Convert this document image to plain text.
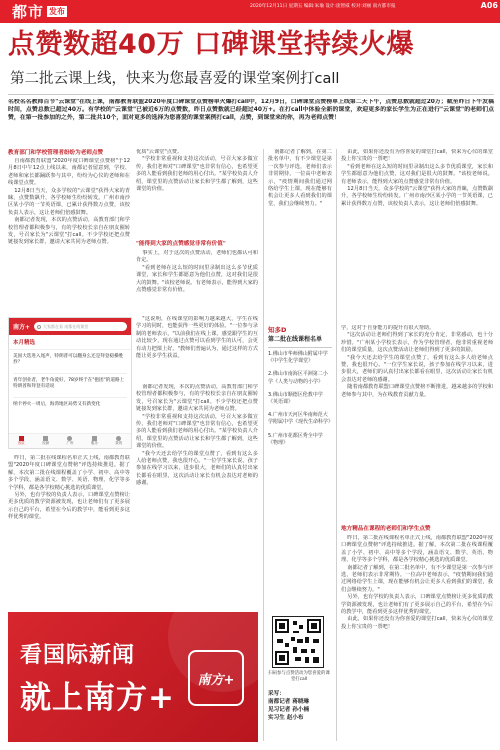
都市 发布
2020年12月11日 星期五 编辑:朱瑜 设计:庞智威 校对:刘丽 南方都市报	A06
点赞数超40万 口碑课堂持续火爆
第二批云课上线，快来为您最喜爱的课堂案例打call
名校名名教师百节"云课堂"在线上课，南都教育联盟2020年度口碑课堂点赞榜单火爆打call中，12月9日，口碑课堂点赞榜单上线第二天下午，点赞总数就超过20万；截至昨日下午发稿时间，点赞总数已超过40万。有学校的"云课堂"已被近6万的点赞数，昨日点赞数就已经超过40万+。在打call中体验全新的课堂，欢迎更多的家长学生为正在进行"云课堂"的老师们点赞，在第一批参加的之外，第二批共10个，面对更多的选择为您喜爱的课堂案例打call，点赞，到课堂来的你，再为老师点赞！
教育部门和学校管理者纷纷为老师点赞

自南都教育联盟"2020年度口碑课堂点赞榜"于12月8日中午12点上线以来，南都记者留意到，学校、老师和家长都踊跃参与其中，纷纷为心仪的老师和在线课堂点赞。

12月8日当天，众多学校的"云课堂"获得大家的青睐，点赞数飙升，各学校师生纷纷转发。广州市南沙区某小学的一节英语课，已累计获得数万点赞，该校负责人表示，这让老师们倍感鼓舞。

南都记者发现，本次的点赞活动，高教育部门和学校管理者都积极参与，有的学校校长亲自在朋友圈转发，号召家长为"云课堂"打call。不少学校还把点赞链接发到家长群，邀请大家共同为老师点赞。

优质"云课堂"点赞。

"学校非常重视和支持这次活动，号召大家多做宣传，我们老师对"口碑课堂"也非常有信心，也希望更多的人能看到我们老师的用心付出。"某学校负责人介绍，课堂里的点赞活动让家长和学生都了解到，这些课堂的价值。

"能得到大家的点赞感觉非常有价值"

事实上，对于这次的点赞活动，老师们也都认可和肯定。

"看到老师在这么短的时间里录制出这么多节优质课堂，家长和学生都愿意为他们点赞，这对我们是很大的鼓舞。"该校老师说。有老师表示，能得到大家的点赞感觉非常有价值。

南方+	大家都在看 南都在线课堂
本月精选
美国大选进入尾声，特朗普可以翻身么还是拜登稳操胜券？
青年创业者，老牛角爱好，78岁终于在"抱团"的道路上特朗普和拜登有话说
纳卡停火一周后，海湾地区局势又有新变化
首页	视频	广州	服务	我的

"这说明，在线课堂的影响力越来越大，学生在线学习的同时，也能获得一些更好的体验。"一位参与录制的老师表示，"以前我们在线上课，感觉跟学生的互动比较少，现在通过点赞可以看到学生的认可，会更有动力把课上好。"教师们普遍认为，通过这样的方式能让更多学生获益。

看国际新闻
就上南方+ 南方+
知多D
第二批在线课程名单
1.佛山市华师佛山附属中学《中学生化学课堂》
2.佛山市南海区平洲第二小学《人类与动物的小学》
3.佛山市顺德区伦教中学《英语课》
4.广州市天河区华南师范大学附属中学《现代生命科学》
5.广州市花都区秀全中学《物理》
扫码参与点赞活动为您喜爱的课堂打call
采写：
南都记者 蒋晓琳
见习记者 孙小楠
实习生 赵小布

学，这对于自身能力的提升有很大帮助。

"这次活动让老师们得到了家长的充分肯定，非常感动，也十分珍惜。"广州某小学校长表示，作为学校管理者，他非常重视老师们的课堂质量，这次点赞活动让老师们得到了更多的鼓励。

"我今天还去给学生的课堂点赞了，看到有这么多人给老师点赞，我也很开心。"一位学生家长说，孩子参加在线学习以来，进步很大，老师们的认真付出家长都看在眼里，这次活动让家长有机会表达对老师的感谢。

随着南都教育联盟口碑课堂点赞榜不断推进，越来越多的学校和老师参与其中，为在线教育贡献力量。

地方精品在课程的老师们和学生点赞

昨日，第二批在线课程名单正式上线，南都教育联盟"2020年度口碑课堂点赞榜"评选持续推进。据了解，本次第二批在线课程覆盖了小学、初中、高中等多个学段，涵盖语文、数学、英语、物理、化学等多个学科，都是各学校精心挑选的优质课堂。

南都记者了解到，在第二批名单中，有不少课堂是第一次参与评选，老师们表示非常期待。一位高中老师表示，"疫情期间我们通过网络给学生上课，现在能够有机会让更多人看到我们的课堂，我们会继续努力。"

另外，也有学校的负责人表示，口碑课堂点赞榜让更多优质的教学资源被发现，也让老师们有了更多展示自己的平台，希望在今后的教学中，能看到更多这样优秀的课堂。

由此，如果你还没有为你喜爱的课堂打call，快来为心仪的课堂投上你宝贵的一票吧！

南都记者发现，本次的点赞活动，高教育部门和学校管理者都积极参与，有的学校校长亲自在朋友圈转发，号召家长为"云课堂"打call。不少学校还把点赞链接发到家长群，邀请大家共同为老师点赞。

"学校非常重视和支持这次活动，号召大家多做宣传，我们老师对"口碑课堂"也非常有信心，也希望更多的人能看到我们老师的用心付出。"某学校负责人介绍，课堂里的点赞活动让家长和学生都了解到，这些课堂的价值。

"我今天还去给学生的课堂点赞了，看到有这么多人给老师点赞，我也很开心。"一位学生家长说，孩子参加在线学习以来，进步很大，老师们的认真付出家长都看在眼里，这次活动让家长有机会表达对老师的感谢。

昨日，第二批在线课程名单正式上线，南都教育联盟"2020年度口碑课堂点赞榜"评选持续推进。据了解，本次第二批在线课程覆盖了小学、初中、高中等多个学段，涵盖语文、数学、英语、物理、化学等多个学科，都是各学校精心挑选的优质课堂。

另外，也有学校的负责人表示，口碑课堂点赞榜让更多优质的教学资源被发现，也让老师们有了更多展示自己的平台，希望在今后的教学中，能看到更多这样优秀的课堂。

南都记者了解到，在第二批名单中，有不少课堂是第一次参与评选，老师们表示非常期待。一位高中老师表示，"疫情期间我们通过网络给学生上课，现在能够有机会让更多人看到我们的课堂，我们会继续努力。"

由此，如果你还没有为你喜爱的课堂打call，快来为心仪的课堂投上你宝贵的一票吧！

"看到老师在这么短的时间里录制出这么多节优质课堂，家长和学生都愿意为他们点赞，这对我们是很大的鼓舞。"该校老师说。有老师表示，能得到大家的点赞感觉非常有价值。

12月8日当天，众多学校的"云课堂"获得大家的青睐，点赞数飙升，各学校师生纷纷转发。广州市南沙区某小学的一节英语课，已累计获得数万点赞，该校负责人表示，这让老师们倍感鼓舞。
